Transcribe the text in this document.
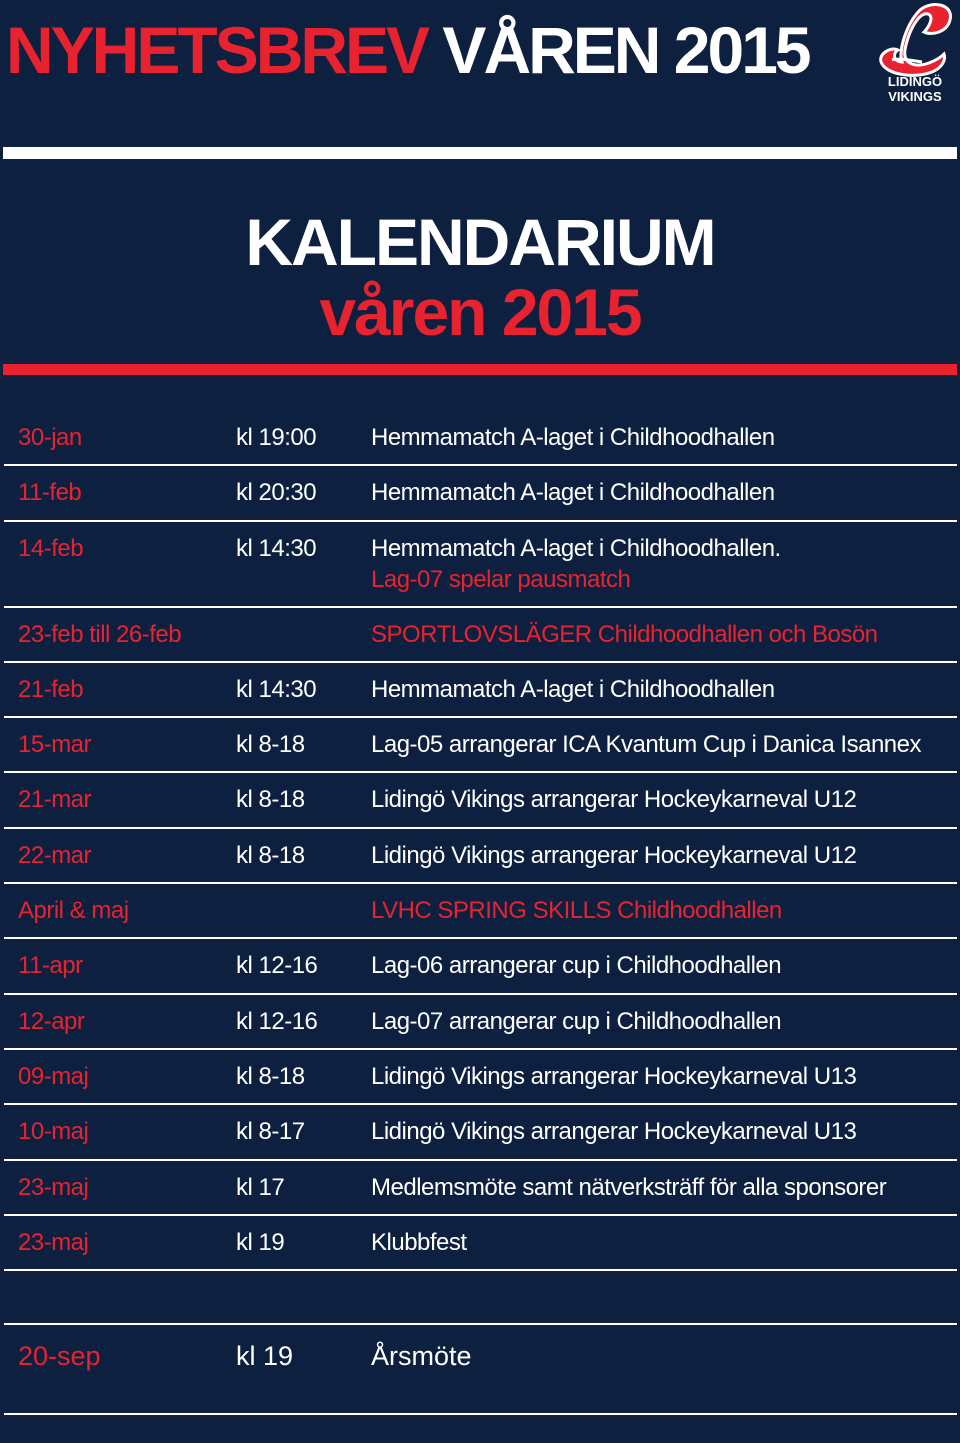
NYHETSBREV VÅREN 2015	LIDINGÖ
VIKINGS
KALENDARIUM
våren 2015
30-jan	kl 19:00 Hemmamatch A-laget i Childhoodhallen
11-feb	kl 20:30 Hemmamatch A-laget i Childhoodhallen
14-feb	kl 14:30 Hemmamatch A-laget i Childhoodhallen.
Lag-07 spelar pausmatch
23-feb till 26-feb	SPORTLOVSLÄGER Childhoodhallen och Bosön
21-feb	kl 14:30 Hemmamatch A-laget i Childhoodhallen
15-mar	kl 8-18	Lag-05 arrangerar ICA Kvantum Cup i Danica Isannex
21-mar	kl 8-18	Lidingö Vikings arrangerar Hockeykarneval U12
22-mar	kl 8-18	Lidingö Vikings arrangerar Hockeykarneval U12
April & maj	LVHC SPRING SKILLS Childhoodhallen
11-apr	kl 12-16 Lag-06 arrangerar cup i Childhoodhallen
12-apr	kl 12-16 Lag-07 arrangerar cup i Childhoodhallen
09-maj	kl 8-18	Lidingö Vikings arrangerar Hockeykarneval U13
10-maj	kl 8-17	Lidingö Vikings arrangerar Hockeykarneval U13
23-maj	kl 17	Medlemsmöte samt nätverksträff för alla sponsorer
23-maj	kl 19	Klubbfest
20-sep	kl 19	Årsmöte
